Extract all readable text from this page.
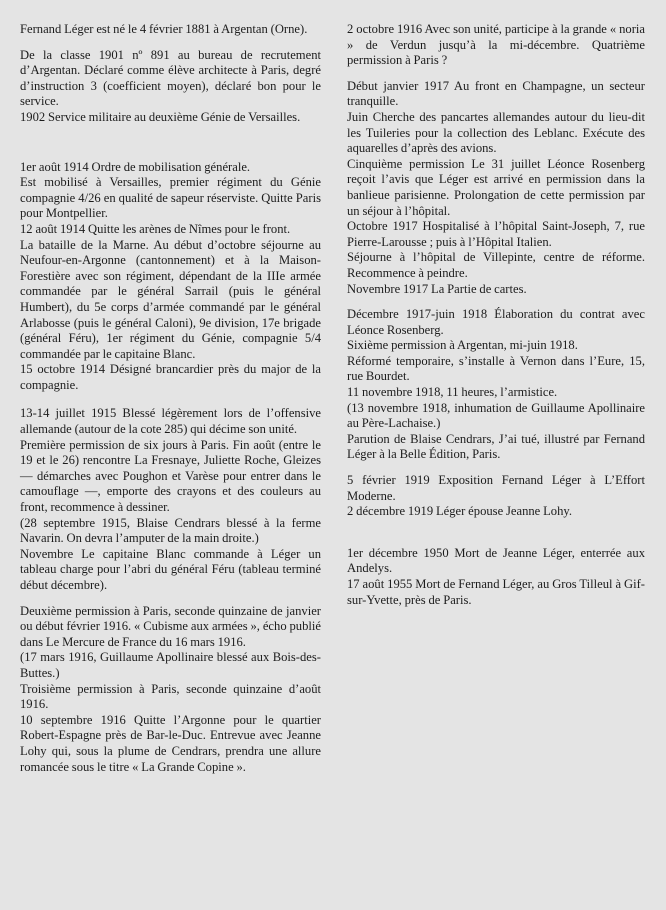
Fernand Léger est né le 4 février 1881 à Argentan (Orne).

De la classe 1901 nº 891 au bureau de recrutement d’Argentan. Déclaré comme élève architecte à Paris, degré d’instruction 3 (coefficient moyen), déclaré bon pour le service.

1902 Service militaire au deuxième Génie de Versailles.

1er août 1914 Ordre de mobilisation générale.

Est mobilisé à Versailles, premier régiment du Génie compagnie 4/26 en qualité de sapeur réserviste. Quitte Paris pour Montpellier.

12 août 1914 Quitte les arènes de Nîmes pour le front.

La bataille de la Marne. Au début d’octobre séjourne au Neufour-en-Argonne (cantonnement) et à la Maison-Forestière avec son régiment, dépendant de la IIIe armée commandée par le général Sarrail (puis le général Humbert), du 5e corps d’armée commandé par le général Arlabosse (puis le général Caloni), 9e division, 17e brigade (général Féru), 1er régiment du Génie, compagnie 5/4 commandée par le capitaine Blanc.

15 octobre 1914 Désigné brancardier près du major de la compagnie.

13-14 juillet 1915 Blessé légèrement lors de l’offensive allemande (autour de la cote 285) qui décime son unité.

Première permission de six jours à Paris. Fin août (entre le 19 et le 26) rencontre La Fresnaye, Juliette Roche, Gleizes — démarches avec Poughon et Varèse pour entrer dans le camouflage —, emporte des crayons et des couleurs au front, recommence à dessiner.

(28 septembre 1915, Blaise Cendrars blessé à la ferme Navarin. On devra l’amputer de la main droite.)

Novembre Le capitaine Blanc commande à Léger un tableau charge pour l’abri du général Féru (tableau terminé début décembre).

Deuxième permission à Paris, seconde quinzaine de janvier ou début février 1916. « Cubisme aux armées », écho publié dans Le Mercure de France du 16 mars 1916.

(17 mars 1916, Guillaume Apollinaire blessé aux Bois-des-Buttes.)

Troisième permission à Paris, seconde quinzaine d’août 1916.

10 septembre 1916 Quitte l’Argonne pour le quartier Robert-Espagne près de Bar-le-Duc. Entrevue avec Jeanne Lohy qui, sous la plume de Cendrars, prendra une allure romancée sous le titre « La Grande Copine ».

2 octobre 1916 Avec son unité, participe à la grande « noria » de Verdun jusqu’à la mi-décembre. Quatrième permission à Paris ?

Début janvier 1917 Au front en Champagne, un secteur tranquille.

Juin Cherche des pancartes allemandes autour du lieu-dit les Tuileries pour la collection des Leblanc. Exécute des aquarelles d’après des avions.

Cinquième permission Le 31 juillet Léonce Rosenberg reçoit l’avis que Léger est arrivé en permission dans la banlieue parisienne. Prolongation de cette permission par un séjour à l’hôpital.

Octobre 1917 Hospitalisé à l’hôpital Saint-Joseph, 7, rue Pierre-Larousse ; puis à l’Hôpital Italien.

Séjourne à l’hôpital de Villepinte, centre de réforme. Recommence à peindre.

Novembre 1917 La Partie de cartes.

Décembre 1917-juin 1918 Élaboration du contrat avec Léonce Rosenberg.

Sixième permission à Argentan, mi-juin 1918.

Réformé temporaire, s’installe à Vernon dans l’Eure, 15, rue Bourdet.

11 novembre 1918, 11 heures, l’armistice.

(13 novembre 1918, inhumation de Guillaume Apollinaire au Père-Lachaise.)

Parution de Blaise Cendrars, J’ai tué, illustré par Fernand Léger à la Belle Édition, Paris.

5 février 1919 Exposition Fernand Léger à L’Effort Moderne.

2 décembre 1919 Léger épouse Jeanne Lohy.

1er décembre 1950 Mort de Jeanne Léger, enterrée aux Andelys.

17 août 1955 Mort de Fernand Léger, au Gros Tilleul à Gif-sur-Yvette, près de Paris.
